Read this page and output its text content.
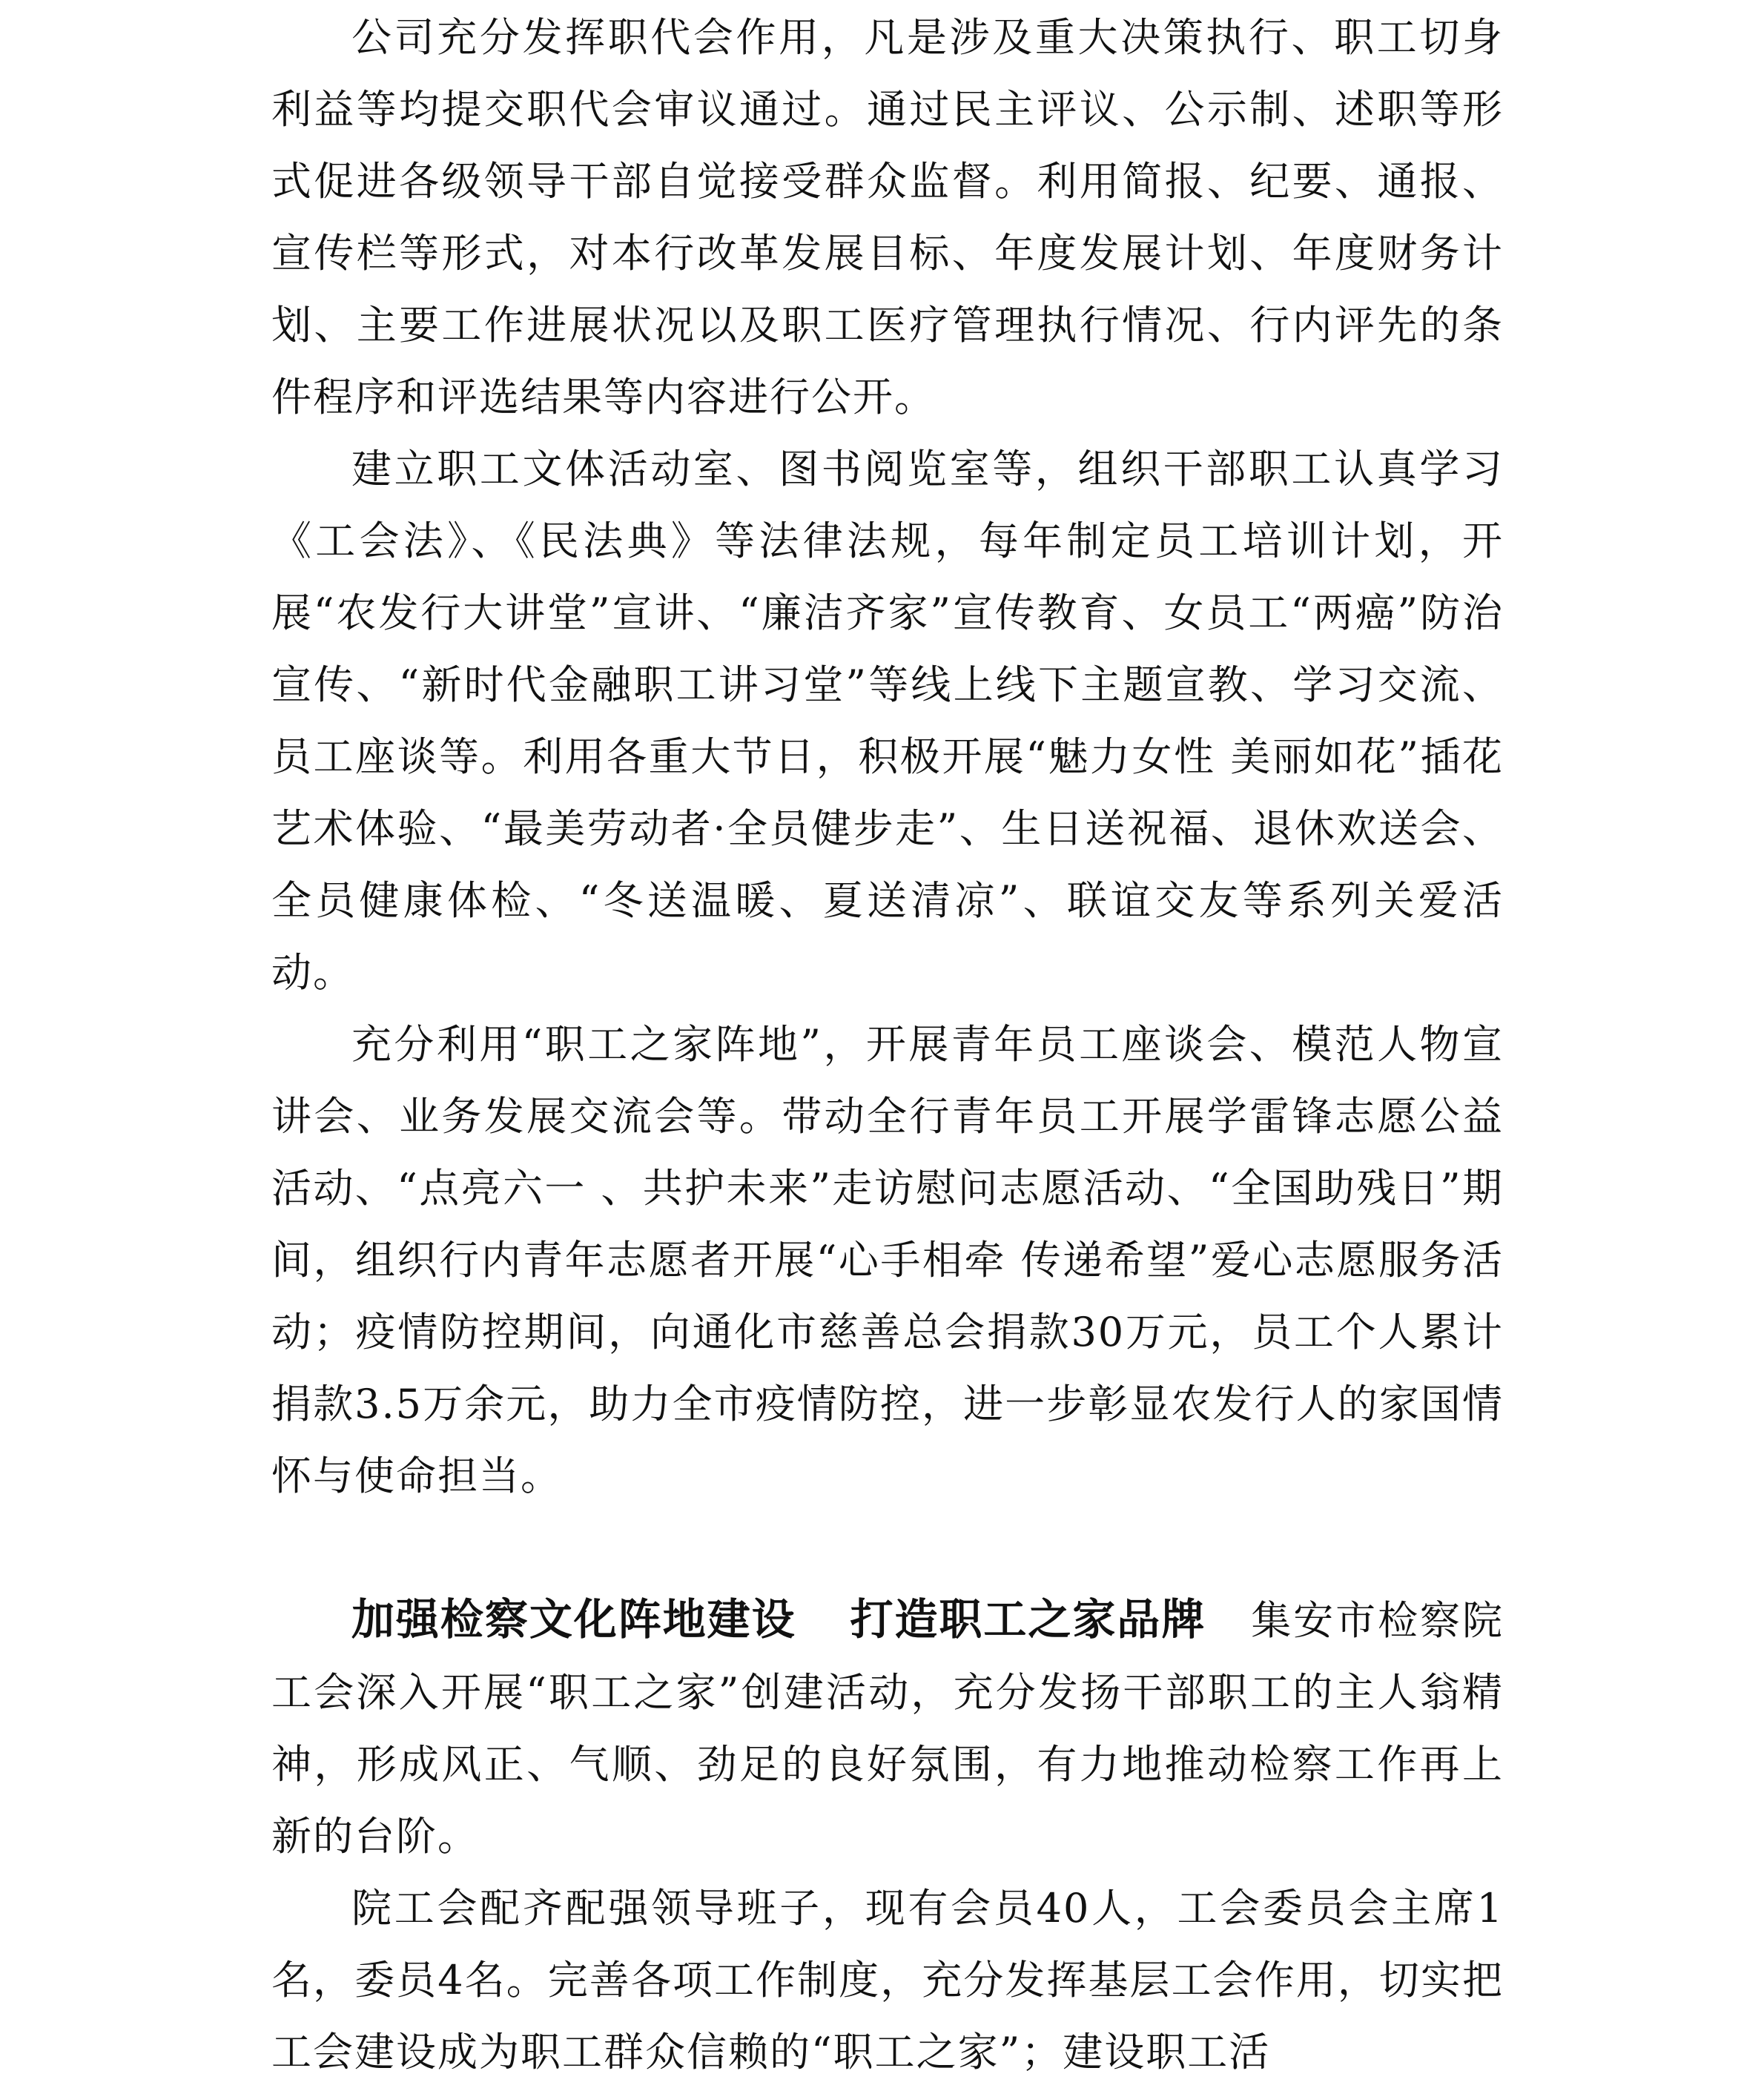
公司充分发挥职代会作用，凡是涉及重大决策执行、职工切身利益等均提交职代会审议通过。通过民主评议、公示制、述职等形式促进各级领导干部自觉接受群众监督。利用简报、纪要、通报、宣传栏等形式，对本行改革发展目标、年度发展计划、年度财务计划、主要工作进展状况以及职工医疗管理执行情况、行内评先的条件程序和评选结果等内容进行公开。

建立职工文体活动室、图书阅览室等，组织干部职工认真学习《工会法》、《民法典》等法律法规，每年制定员工培训计划，开展“农发行大讲堂”宣讲、“廉洁齐家”宣传教育、女员工“两癌”防治宣传、“新时代金融职工讲习堂”等线上线下主题宣教、学习交流、员工座谈等。利用各重大节日，积极开展“魅力女性 美丽如花”插花艺术体验、“最美劳动者·全员健步走”、生日送祝福、退休欢送会、全员健康体检、“冬送温暖、夏送清凉”、联谊交友等系列关爱活动。

充分利用“职工之家阵地”，开展青年员工座谈会、模范人物宣讲会、业务发展交流会等。带动全行青年员工开展学雷锋志愿公益活动、“点亮六一 、共护未来”走访慰问志愿活动、“全国助残日”期间，组织行内青年志愿者开展“心手相牵 传递希望”爱心志愿服务活动；疫情防控期间，向通化市慈善总会捐款30万元，员工个人累计捐款3.5万余元，助力全市疫情防控，进一步彰显农发行人的家国情怀与使命担当。

加强检察文化阵地建设 打造职工之家品牌 集安市检察院工会深入开展“职工之家”创建活动，充分发扬干部职工的主人翁精神，形成风正、气顺、劲足的良好氛围，有力地推动检察工作再上新的台阶。

院工会配齐配强领导班子，现有会员40人，工会委员会主席1名，委员4名。完善各项工作制度，充分发挥基层工会作用，切实把工会建设成为职工群众信赖的“职工之家”；建设职工活
